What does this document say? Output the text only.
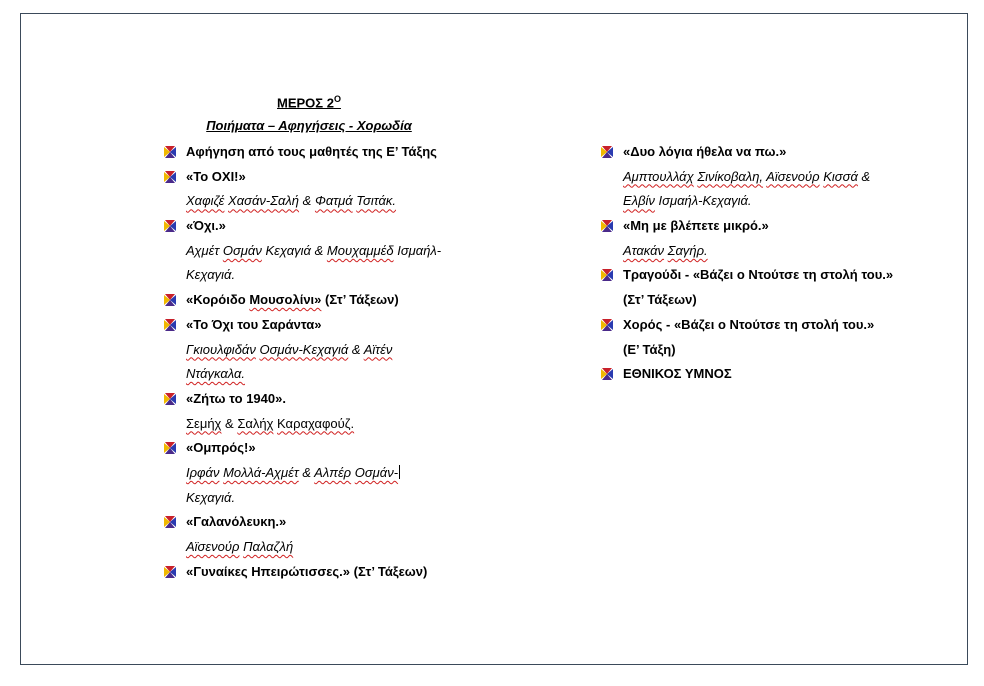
ΜΕΡΟΣ $2^O$
Ποιήματα – Αφηγήσεις - Χορωδία
Αφήγηση από τους μαθητές της Ε’ Τάξης
«Το ΟΧΙ!»
Χαφιζέ Χασάν-Σαλή & Φατμά Τσιτάκ.
«Όχι.»
Αχμέτ Οσμάν Κεχαγιά & Μουχαμμέδ Ισμαήλ-
Κεχαγιά.
«Κορόιδο Μουσολίνι» (Στ’ Τάξεων)
«Το Όχι του Σαράντα»
Γκιουλφιδάν Οσμάν-Κεχαγιά & Αϊτέν
Ντάγκαλα.
«Ζήτω το 1940».
Σεμήχ & Σαλήχ Καραχαφούζ.
«Ομπρός!»
Ιρφάν Μολλά-Αχμέτ & Αλπέρ Οσμάν-
Κεχαγιά.
«Γαλανόλευκη.»
Αϊσενούρ Παλαζλή
«Γυναίκες Ηπειρώτισσες.» (Στ’ Τάξεων)
«Δυο λόγια ήθελα να πω.»
Αμπτουλλάχ Σινίκοβαλη, Αϊσενούρ Κισσά &
Ελβίν Ισμαήλ-Κεχαγιά.
«Μη με βλέπετε μικρό.»
Ατακάν Σαγήρ.
Τραγούδι - «Βάζει ο Ντούτσε τη στολή του.»
(Στ’ Τάξεων)
Χορός - «Βάζει ο Ντούτσε τη στολή του.»
(Ε’ Τάξη)
ΕΘΝΙΚΟΣ ΥΜΝΟΣ
